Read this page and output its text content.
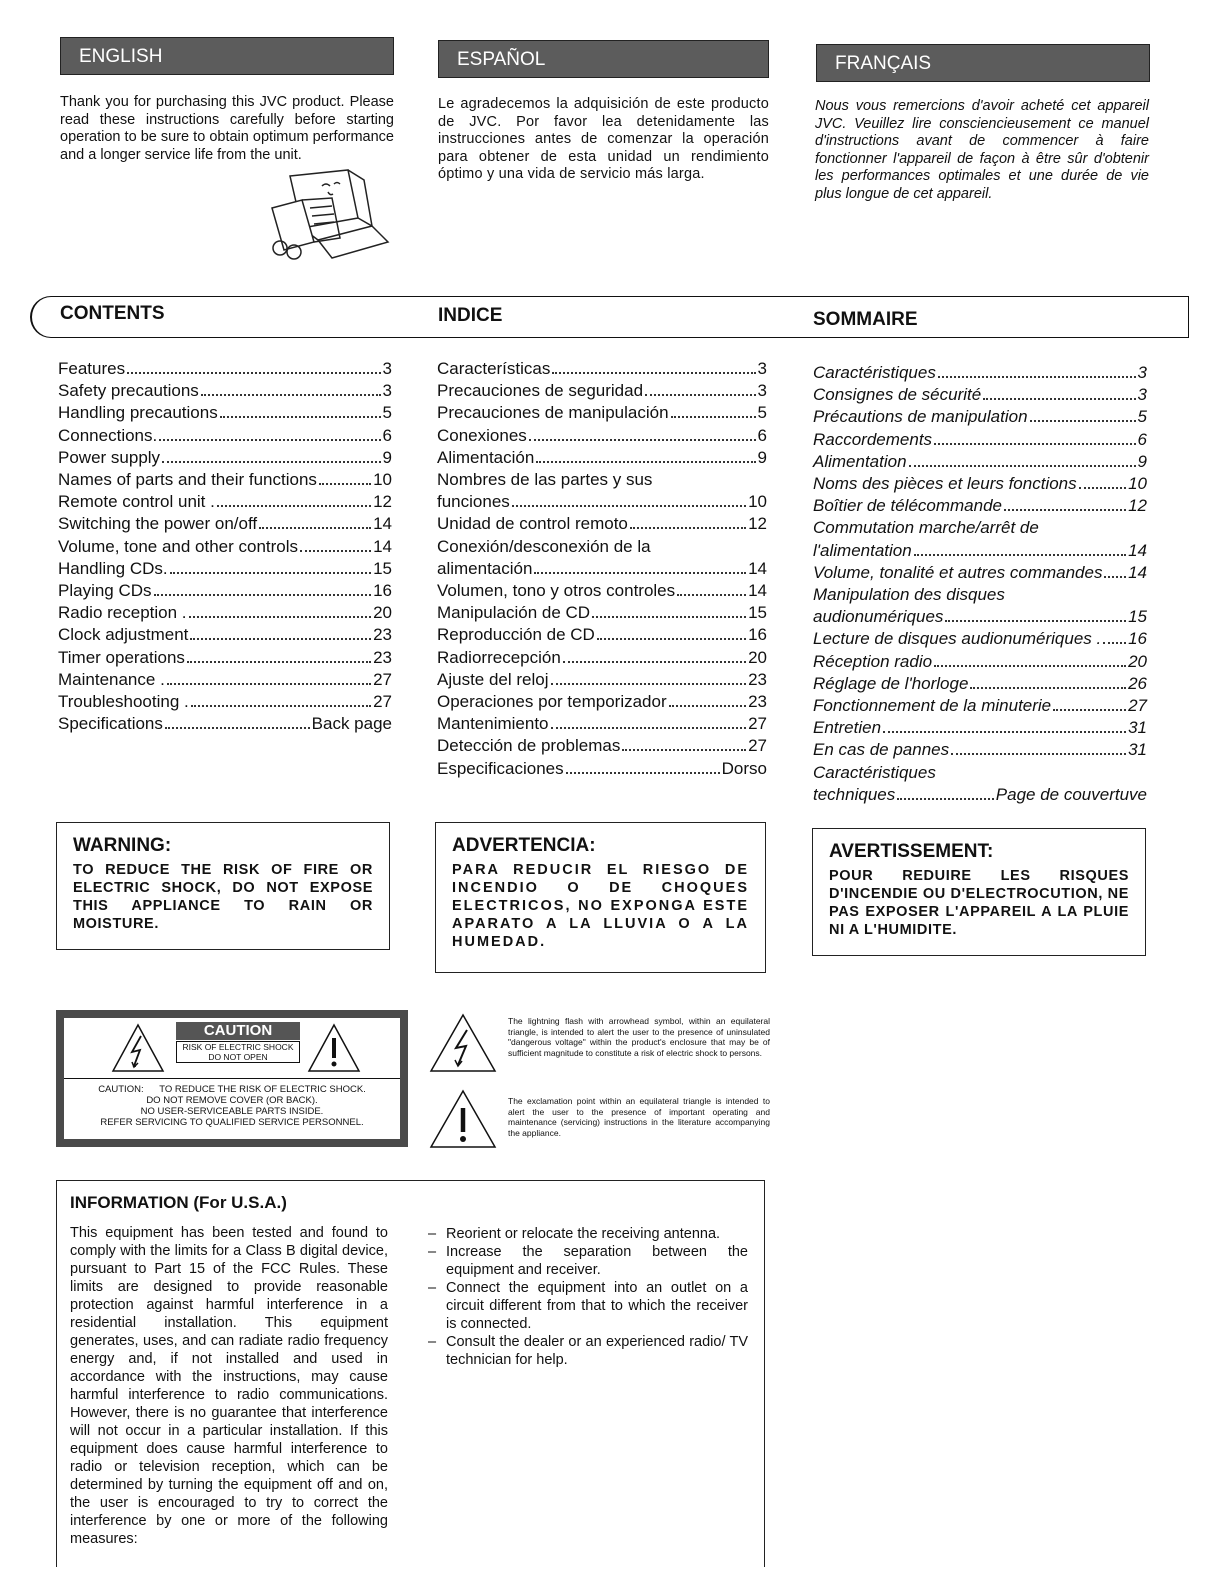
ENGLISH	ESPAÑOL	FRANÇAIS
Thank you for purchasing this JVC product. Please read these instructions carefully before starting operation to be sure to obtain optimum performance and a longer service life from the unit.
Le agradecemos la adquisición de este producto de JVC. Por favor lea detenidamente las instrucciones antes de comenzar la operación para obtener de esta unidad un rendimiento óptimo y una vida de servicio más larga.
Nous vous remercions d'avoir acheté cet appareil JVC. Veuillez lire consciencieusement ce manuel d'instructions avant de commencer à faire fonctionner l'appareil de façon à être sûr d'obtenir les performances optimales et une durée de vie plus longue de cet appareil.
CONTENTS	INDICE	SOMMAIRE
Features	3
Safety precautions	3
Handling precautions	5
Connections.	6
Power supply	9
Names of parts and their functions	10
Remote control unit .	12
Switching the power on/off	14
Volume, tone and other controls	14
Handling CDs.	15
Playing CDs	16
Radio reception .	20
Clock adjustment	23
Timer operations	23
Maintenance .	27
Troubleshooting .	27
Specifications	Back page
Características	3
Precauciones de seguridad	3
Precauciones de manipulación	5
Conexiones	6
Alimentación	9
Nombres de las partes y sus
funciones	10
Unidad de control remoto	12
Conexión/desconexión de la
alimentación	14
Volumen, tono y otros controles	14
Manipulación de CD	15
Reproducción de CD	16
Radiorrecepción	20
Ajuste del reloj	23
Operaciones por temporizador	23
Mantenimiento	27
Detección de problemas	27
Especificaciones	Dorso
Caractéristiques	3
Consignes de sécurité	3
Précautions de manipulation	5
Raccordements	6
Alimentation	9
Noms des pièces et leurs fonctions	10
Boîtier de télécommande	12
Commutation marche/arrêt de
l'alimentation	14
Volume, tonalité et autres commandes 14
Manipulation des disques
audionumériques	15
Lecture de disques audionumériques . 16
Réception radio	20
Réglage de l'horloge	26
Fonctionnement de la minuterie	27
Entretien	31
En cas de pannes	31
Caractéristiques
techniques	Page de couvertuve
WARNING:
TO REDUCE THE RISK OF FIRE OR ELECTRIC SHOCK, DO NOT EXPOSE THIS APPLIANCE TO RAIN OR MOISTURE.
ADVERTENCIA:
PARA REDUCIR EL RIESGO DE INCENDIO O DE CHOQUES ELECTRICOS, NO EXPONGA ESTE APARATO A LA LLUVIA O A LA HUMEDAD.
AVERTISSEMENT:
POUR REDUIRE LES RISQUES D'INCENDIE OU D'ELECTROCUTION, NE PAS EXPOSER L'APPAREIL A LA PLUIE NI A L'HUMIDITE.
CAUTION
RISK OF ELECTRIC SHOCK
DO NOT OPEN
CAUTION:      TO REDUCE THE RISK OF ELECTRIC SHOCK.
DO NOT REMOVE COVER (OR BACK).
NO USER-SERVICEABLE PARTS INSIDE.
REFER SERVICING TO QUALIFIED SERVICE PERSONNEL.
The lightning flash with arrowhead symbol, within an equilateral triangle, is intended to alert the user to the presence of uninsulated "dangerous voltage" within the product's enclosure that may be of sufficient magnitude to constitute a risk of electric shock to persons.
The exclamation point within an equilateral triangle is intended to alert the user to the presence of important operating and maintenance (servicing) instructions in the literature accompanying the appliance.
INFORMATION (For U.S.A.)
This equipment has been tested and found to comply with the limits for a Class B digital device, pursuant to Part 15 of the FCC Rules. These limits are designed to provide reasonable protection against harmful interference in a residential installation. This equipment generates, uses, and can radiate radio frequency energy and, if not installed and used in accordance with the instructions, may cause harmful interference to radio communications. However, there is no guarantee that interference will not occur in a particular installation. If this equipment does cause harmful interference to radio or television reception, which can be determined by turning the equipment off and on, the user is encouraged to try to correct the interference by one or more of the following measures:
– Reorient or relocate the receiving antenna.
– Increase the separation between the equipment and receiver.
– Connect the equipment into an outlet on a circuit different from that to which the receiver is connected.
– Consult the dealer or an experienced radio/ TV technician for help.
